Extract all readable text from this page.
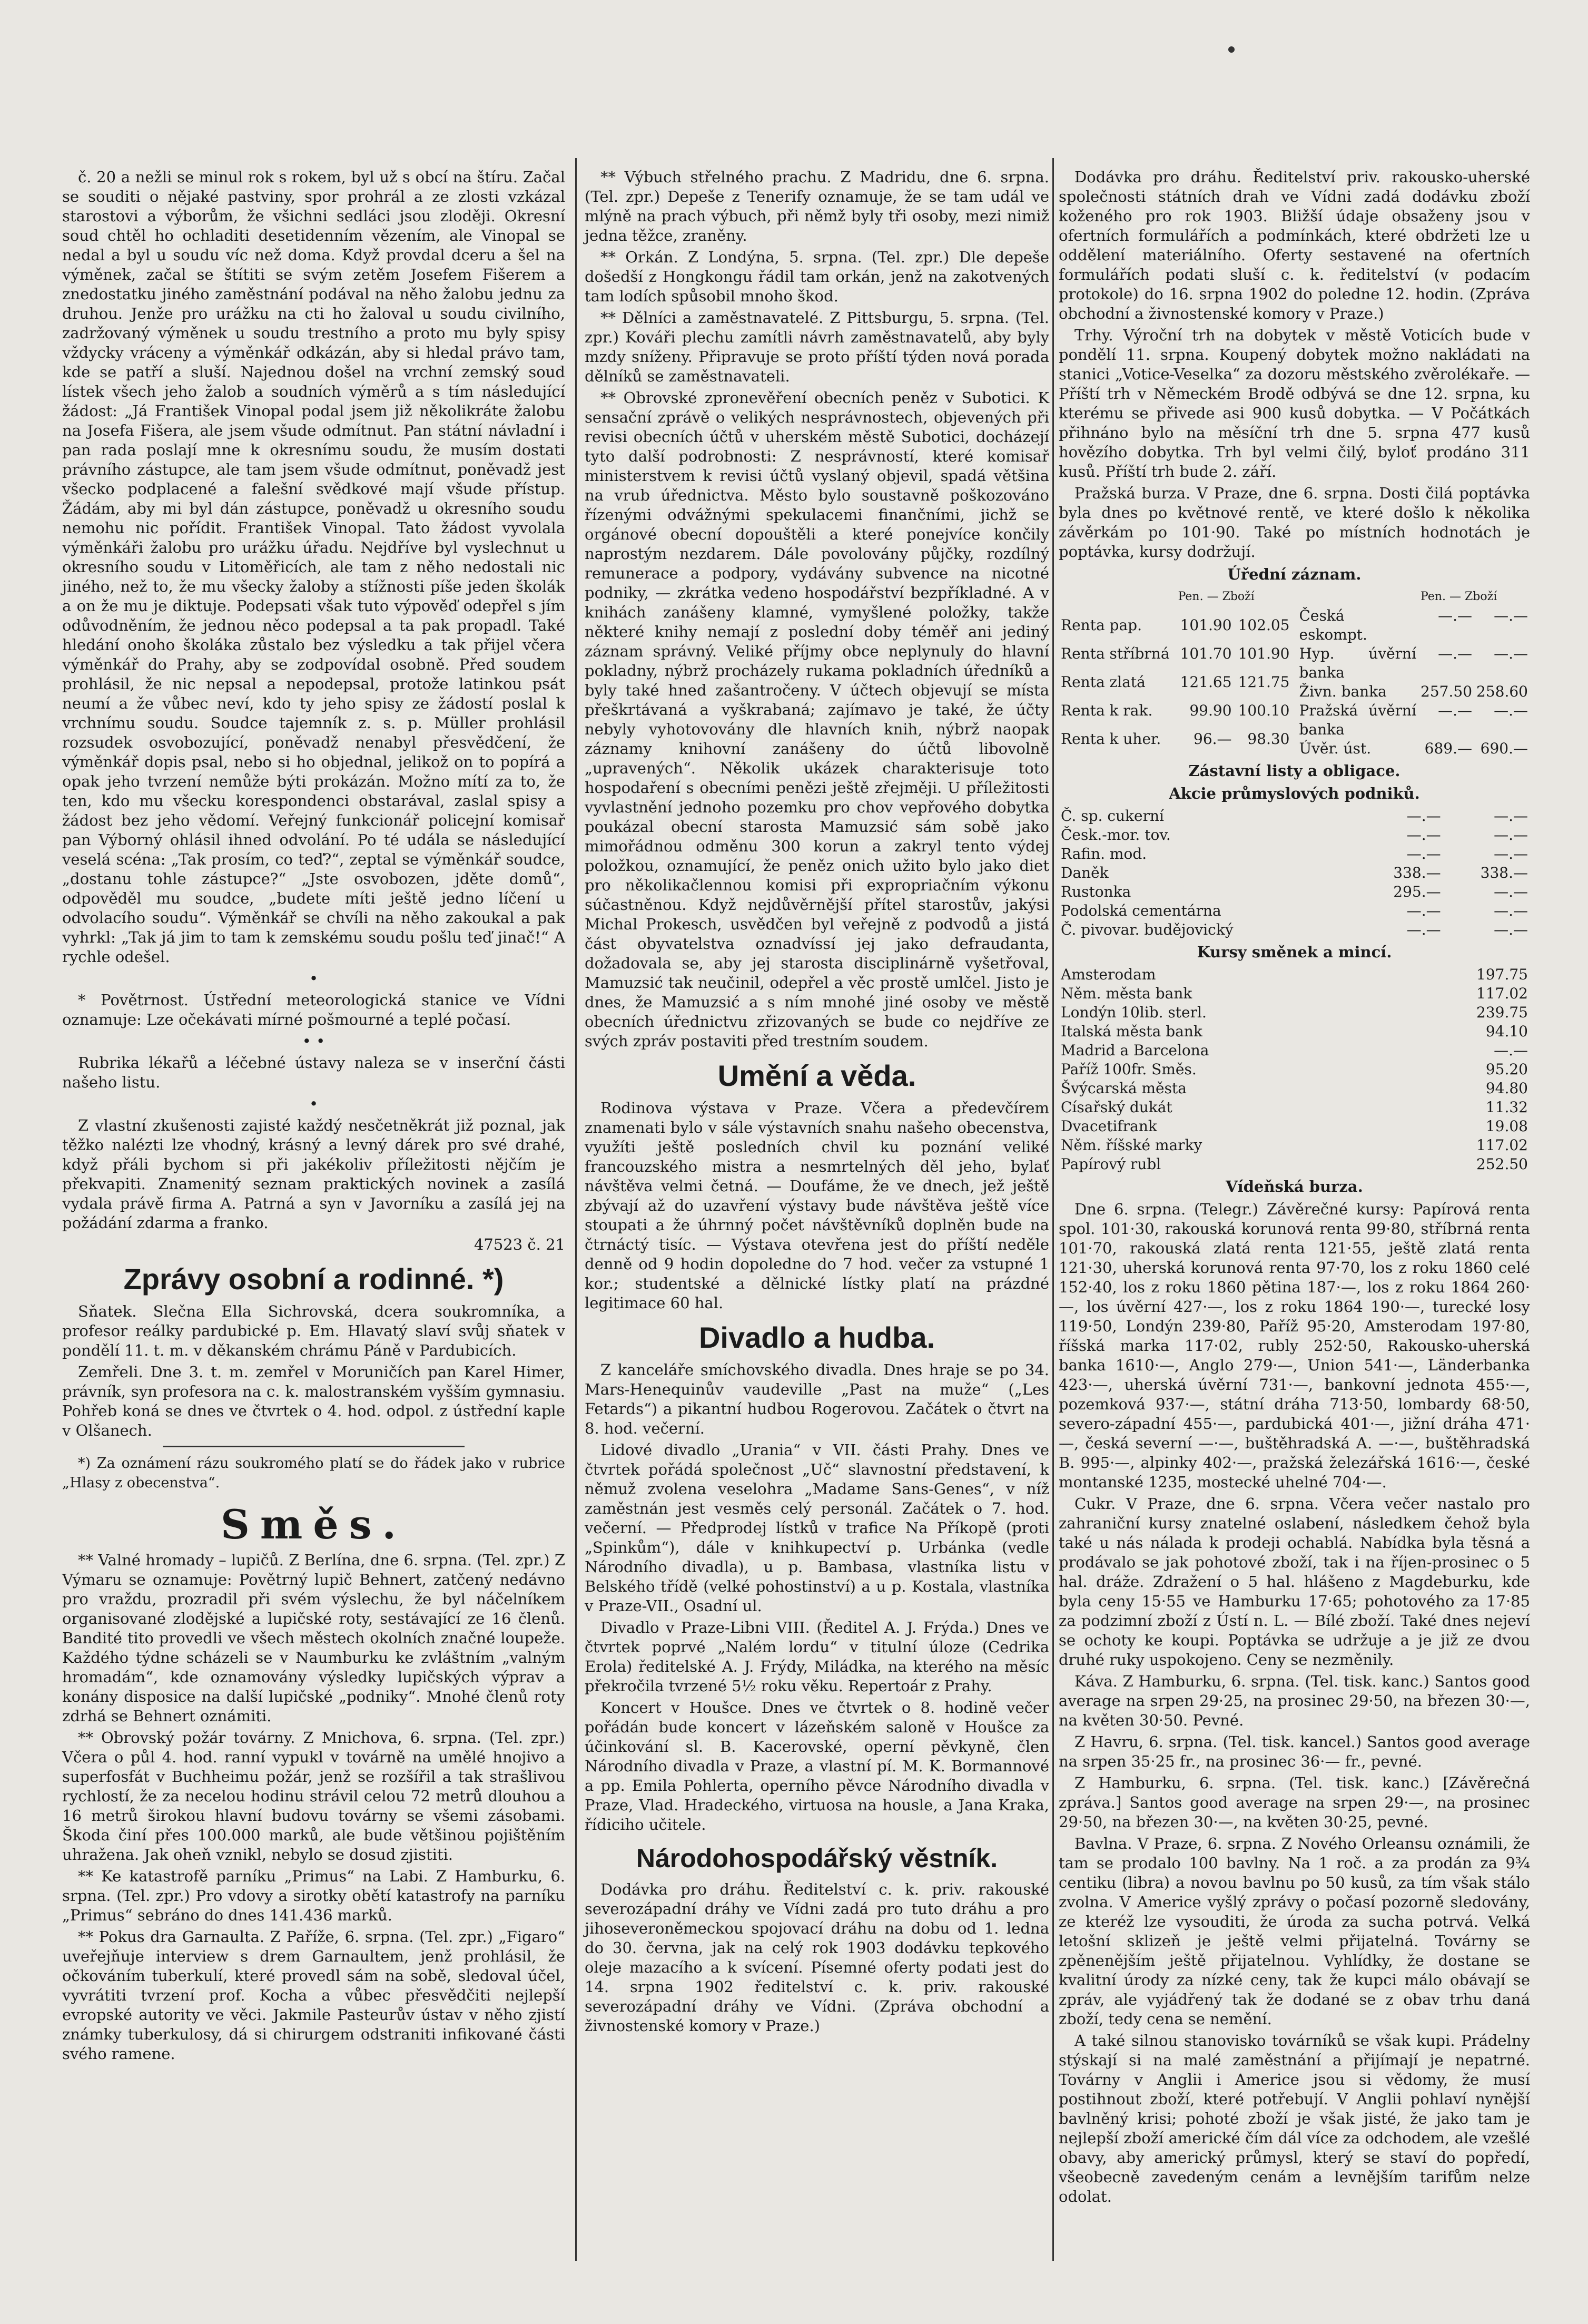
č. 20 a nežli se minul rok s rokem, byl už s obcí na štíru. Začal se souditi o nějaké pastviny, spor prohrál a ze zlosti vzkázal starostovi a výborům, že všichni sedláci jsou zloději. Okresní soud chtěl ho ochladiti desetidenním vězením, ale Vinopal se nedal a byl u soudu víc než doma. Když provdal dceru a šel na výměnek, začal se štítiti se svým zetěm Josefem Fišerem a znedostatku jiného zaměstnání podával na něho žalobu jednu za druhou. Jenže pro urážku na cti ho žaloval u soudu civilního, zadržovaný výměnek u soudu trestního a proto mu byly spisy vždycky vráceny a výměnkář odkázán, aby si hledal právo tam, kde se patří a sluší. Najednou došel na vrchní zemský soud lístek všech jeho žalob a soudních výměrů a s tím následující žádost: „Já František Vinopal podal jsem již několikráte žalobu na Josefa Fišera, ale jsem všude odmítnut. Pan státní návladní i pan rada poslají mne k okresnímu soudu, že musím dostati právního zástupce, ale tam jsem všude odmítnut, poněvadž jest všecko podplacené a falešní svědkové mají všude přístup. Žádám, aby mi byl dán zástupce, poněvadž u okresního soudu nemohu nic pořídit. František Vinopal. Tato žádost vyvolala výměnkáři žalobu pro urážku úřadu. Nejdříve byl vyslechnut u okresního soudu v Litoměřicích, ale tam z něho nedostali nic jiného, než to, že mu všecky žaloby a stížnosti píše jeden školák a on že mu je diktuje. Podepsati však tuto výpověď odepřel s jím odůvodněním, že jednou něco podepsal a ta pak propadl. Také hledání onoho školáka zůstalo bez výsledku a tak přijel včera výměnkář do Prahy, aby se zodpovídal osobně. Před soudem prohlásil, že nic nepsal a nepodepsal, protože latinkou psát neumí a že vůbec neví, kdo ty jeho spisy ze žádostí poslal k vrchnímu soudu. Soudce tajemník z. s. p. Müller prohlásil rozsudek osvobozující, poněvadž nenabyl přesvědčení, že výměnkář dopis psal, nebo si ho objednal, jelikož on to popírá a opak jeho tvrzení nemůže býti prokázán. Možno mítí za to, že ten, kdo mu všecku korespondenci obstarával, zaslal spisy a žádost bez jeho vědomí. Veřejný funkcionář policejní komisař pan Výborný ohlásil ihned odvolání. Po té udála se následující veselá scéna: „Tak prosím, co teď?“, zeptal se výměnkář soudce, „dostanu tohle zástupce?“ „Jste osvobozen, jděte domů“, odpověděl mu soudce, „budete míti ještě jedno líčení u odvolacího soudu“. Výměnkář se chvíli na něho zakoukal a pak vyhrkl: „Tak já jim to tam k zemskému soudu pošlu teď jinač!“ A rychle odešel.

•

* Povětrnost. Ústřední meteorologická stanice ve Vídni oznamuje: Lze očekávati mírné pošmourné a teplé počasí.

• •

Rubrika lékařů a léčebné ústavy naleza se v inserční části našeho listu.

•

Z vlastní zkušenosti zajisté každý nesčetněkrát již poznal, jak těžko nalézti lze vhodný, krásný a levný dárek pro své drahé, když přáli bychom si při jakékoliv příležitosti nějčím je překvapiti. Znamenitý seznam praktických novinek a zasílá vydala právě firma A. Patrná a syn v Javorníku a zasílá jej na požádání zdarma a franko.

47523 č. 21
Zprávy osobní a rodinné. *)

Sňatek. Slečna Ella Sichrovská, dcera soukromníka, a profesor reálky pardubické p. Em. Hlavatý slaví svůj sňatek v pondělí 11. t. m. v děkanském chrámu Páně v Pardubicích.

Zemřeli. Dne 3. t. m. zemřel v Moruničích pan Karel Himer, právník, syn profesora na c. k. malostranském vyšším gymnasiu. Pohřeb koná se dnes ve čtvrtek o 4. hod. odpol. z ústřední kaple v Olšanech.

*) Za oznámení rázu soukromého platí se do řádek jako v rubrice „Hlasy z obecenstva“.

Směs.

** Valné hromady – lupičů. Z Berlína, dne 6. srpna. (Tel. zpr.) Z Výmaru se oznamuje: Povětrný lupič Behnert, zatčený nedávno pro vraždu, prozradil při svém výslechu, že byl náčelníkem organisované zlodějské a lupičské roty, sestávající ze 16 členů. Bandité tito provedli ve všech městech okolních značné loupeže. Každého týdne scházeli se v Naumburku ke zvláštním „valným hromadám“, kde oznamovány výsledky lupičských výprav a konány disposice na další lupičské „podniky“. Mnohé členů roty zdrhá se Behnert oznámiti.

** Obrovský požár továrny. Z Mnichova, 6. srpna. (Tel. zpr.) Včera o půl 4. hod. ranní vypukl v továrně na umělé hnojivo a superfosfát v Buchheimu požár, jenž se rozšířil a tak strašlivou rychlostí, že za necelou hodinu strávil celou 72 metrů dlouhou a 16 metrů širokou hlavní budovu továrny se všemi zásobami. Škoda činí přes 100.000 marků, ale bude většinou pojištěním uhražena. Jak oheň vznikl, nebylo se dosud zjistiti.

** Ke katastrofě parníku „Primus“ na Labi. Z Hamburku, 6. srpna. (Tel. zpr.) Pro vdovy a sirotky obětí katastrofy na parníku „Primus“ sebráno do dnes 141.436 marků.

** Pokus dra Garnaulta. Z Paříže, 6. srpna. (Tel. zpr.) „Figaro“ uveřejňuje interview s drem Garnaultem, jenž prohlásil, že očkováním tuberkulí, které provedl sám na sobě, sledoval účel, vyvrátiti tvrzení prof. Kocha a vůbec přesvědčiti nejlepší evropské autority ve věci. Jakmile Pasteurův ústav v něho zjistí známky tuberkulosy, dá si chirurgem odstraniti infikované části svého ramene.

** Výbuch střelného prachu. Z Madridu, dne 6. srpna. (Tel. zpr.) Depeše z Tenerify oznamuje, že se tam udál ve mlýně na prach výbuch, při němž byly tři osoby, mezi nimiž jedna těžce, zraněny.

** Orkán. Z Londýna, 5. srpna. (Tel. zpr.) Dle depeše došedší z Hongkongu řádil tam orkán, jenž na zakotvených tam lodích spůsobil mnoho škod.

** Dělníci a zaměstnavatelé. Z Pittsburgu, 5. srpna. (Tel. zpr.) Kováři plechu zamítli návrh zaměstnavatelů, aby byly mzdy sníženy. Připravuje se proto příští týden nová porada dělníků se zaměstnavateli.

** Obrovské zpronevěření obecních peněz v Subotici. K sensační zprávě o velikých nesprávnostech, objevených při revisi obecních účtů v uherském městě Subotici, docházejí tyto další podrobnosti: Z nesprávností, které komisař ministerstvem k revisi účtů vyslaný objevil, spadá většina na vrub úřednictva. Město bylo soustavně poškozováno řízenými odvážnými spekulacemi finančními, jichž se orgánové obecní dopouštěli a které ponejvíce končily naprostým nezdarem. Dále povolovány půjčky, rozdílný remunerace a podpory, vydávány subvence na nicotné podniky, — zkrátka vedeno hospodářství bezpříkladné. A v knihách zanášeny klamné, vymyšlené položky, takže některé knihy nemají z poslední doby téměř ani jediný záznam správný. Veliké příjmy obce neplynuly do hlavní pokladny, nýbrž procházely rukama pokladních úředníků a byly také hned zašantročeny. V účtech objevují se místa přeškrtávaná a vyškrabaná; zajímavo je také, že účty nebyly vyhotovovány dle hlavních knih, nýbrž naopak záznamy knihovní zanášeny do účtů libovolně „upravených“. Několik ukázek charakterisuje toto hospodaření s obecními penězi ještě zřejměji. U příležitosti vyvlastnění jednoho pozemku pro chov vepřového dobytka poukázal obecní starosta Mamuzsić sám sobě jako mimořádnou odměnu 300 korun a zakryl tento výdej položkou, oznamující, že peněz onich užito bylo jako diet pro několikačlennou komisi při expropriačním výkonu súčastněnou. Když nejdůvěrnější přítel starostův, jakýsi Michal Prokesch, usvědčen byl veřejně z podvodů a jistá část obyvatelstva oznadvíssí jej jako defraudanta, dožadovala se, aby jej starosta disciplinárně vyšetřoval, Mamuzsić tak neučinil, odepřel a věc prostě umlčel. Jisto je dnes, že Mamuzsić a s ním mnohé jiné osoby ve městě obecních úřednictvu zřizovaných se bude co nejdříve ze svých zpráv postaviti před trestním soudem.

Umění a věda.

Rodinova výstava v Praze. Včera a předevčírem znamenati bylo v sále výstavních snahu našeho obecenstva, využíti ještě posledních chvil ku poznání veliké francouzského mistra a nesmrtelných děl jeho, bylať návštěva velmi četná. — Doufáme, že ve dnech, jež ještě zbývají až do uzavření výstavy bude návštěva ještě více stoupati a že úhrnný počet návštěvníků doplněn bude na čtrnáctý tisíc. — Výstava otevřena jest do příští neděle denně od 9 hodin dopoledne do 7 hod. večer za vstupné 1 kor.; studentské a dělnické lístky platí na prázdné legitimace 60 hal.

Divadlo a hudba.

Z kanceláře smíchovského divadla. Dnes hraje se po 34. Mars-Henequinův vaudeville „Past na muže“ („Les Fetards“) a pikantní hudbou Rogerovou. Začátek o čtvrt na 8. hod. večerní.

Lidové divadlo „Urania“ v VII. části Prahy. Dnes ve čtvrtek pořádá společnost „Uč“ slavnostní představení, k němuž zvolena veselohra „Madame Sans-Genes“, v níž zaměstnán jest vesměs celý personál. Začátek o 7. hod. večerní. — Předprodej lístků v trafice Na Příkopě (proti „Spinkům“), dále v knihkupectví p. Urbánka (vedle Národního divadla), u p. Bambasa, vlastníka listu v Belského třídě (velké pohostinství) a u p. Kostala, vlastníka v Praze-VII., Osadní ul.

Divadlo v Praze-Libni VIII. (Ředitel A. J. Frýda.) Dnes ve čtvrtek poprvé „Nalém lordu“ v titulní úloze (Cedrika Erola) ředitelské A. J. Frýdy, Miládka, na kterého na měsíc překročila tvrzené 5½ roku věku. Repertoár z Prahy.

Koncert v Houšce. Dnes ve čtvrtek o 8. hodině večer pořádán bude koncert v lázeňském saloně v Houšce za účinkování sl. B. Kacerovské, operní pěvkyně, člen Národního divadla v Praze, a vlastní pí. M. K. Bormannové a pp. Emila Pohlerta, operního pěvce Národního divadla v Praze, Vlad. Hradeckého, virtuosa na housle, a Jana Kraka, řídiciho učitele.

Národohospodářský věstník.

Dodávka pro dráhu. Ředitelství c. k. priv. rakouské severozápadní dráhy ve Vídni zadá pro tuto dráhu a pro jihoseveroněmeckou spojovací dráhu na dobu od 1. ledna do 30. června, jak na celý rok 1903 dodávku tepkového oleje mazacího a k svícení. Písemné oferty podati jest do 14. srpna 1902 ředitelství c. k. priv. rakouské severozápadní dráhy ve Vídni. (Zpráva obchodní a živnostenské komory v Praze.)

Dodávka pro dráhu. Ředitelství priv. rakousko-uherské společnosti státních drah ve Vídni zadá dodávku zboží koženého pro rok 1903. Bližší údaje obsaženy jsou v ofertních formulářích a podmínkách, které obdržeti lze u oddělení materiálního. Oferty sestavené na ofertních formulářích podati sluší c. k. ředitelství (v podacím protokole) do 16. srpna 1902 do poledne 12. hodin. (Zpráva obchodní a živnostenské komory v Praze.)

Trhy. Výroční trh na dobytek v městě Voticích bude v pondělí 11. srpna. Koupený dobytek možno nakládati na stanici „Votice-Veselka“ za dozoru městského zvěrolékaře. — Příští trh v Německém Brodě odbývá se dne 12. srpna, ku kterému se přivede asi 900 kusů dobytka. — V Počátkách přihnáno bylo na měsíční trh dne 5. srpna 477 kusů hovězího dobytka. Trh byl velmi čilý, byloť prodáno 311 kusů. Příští trh bude 2. září.

Pražská burza. V Praze, dne 6. srpna. Dosti čilá poptávka byla dnes po květnové rentě, ve které došlo k několika závěrkám po 101·90. Také po místních hodnotách je poptávka, kursy dodržují.

Úřední záznam.
	Pen. — Zboží	
Renta pap.	101.90	102.05
Renta stříbrná	101.70	101.90
Renta zlatá	121.65	121.75
Renta k rak.	99.90	100.10
Renta k uher.	96.—	98.30
	Pen. — Zboží	
Česká eskompt.	—.—	—.—
Hyp. úvěrní banka	—.—	—.—
Živn. banka	257.50	258.60
Pražská úvěrní banka	—.—	—.—
Úvěr. úst.	689.—	690.—
Zástavní listy a obligace.
Akcie průmyslových podniků.
Č. sp. cukerní	—.—	—.—
Česk.-mor. tov.	—.—	—.—
Rafin. mod.	—.—	—.—
Daněk	338.—	338.—
Rustonka	295.—	—.—
Podolská cementárna	—.—	—.—
Č. pivovar. budějovický	—.—	—.—
Kursy směnek a mincí.
Amsterodam	197.75
Něm. města bank	117.02
Londýn 10lib. sterl.	239.75
Italská města bank	94.10
Madrid a Barcelona	—.—
Paříž 100fr. Směs.	95.20
Švýcarská města	94.80
Císařský dukát	11.32
Dvacetifrank	19.08
Něm. říšské marky	117.02
Papírový rubl	252.50
Vídeňská burza.

Dne 6. srpna. (Telegr.) Závěrečné kursy: Papírová renta spol. 101·30, rakouská korunová renta 99·80, stříbrná renta 101·70, rakouská zlatá renta 121·55, ještě zlatá renta 121·30, uherská korunová renta 97·70, los z roku 1860 celé 152·40, los z roku 1860 pětina 187·—, los z roku 1864 260·—, los úvěrní 427·—, los z roku 1864 190·—, turecké losy 119·50, Londýn 239·80, Paříž 95·20, Amsterodam 197·80, říšská marka 117·02, rubly 252·50, Rakousko-uherská banka 1610·—, Anglo 279·—, Union 541·—, Länderbanka 423·—, uherská úvěrní 731·—, bankovní jednota 455·—, pozemková 937·—, státní dráha 713·50, lombardy 68·50, severo-západní 455·—, pardubická 401·—, jižní dráha 471·—, česká severní —·—, buštěhradská A. —·—, buštěhradská B. 995·—, alpinky 402·—, pražská železářská 1616·—, české montanské 1235, mostecké uhelné 704·—.

Cukr. V Praze, dne 6. srpna. Včera večer nastalo pro zahraniční kursy znatelné oslabení, následkem čehož byla také u nás nálada k prodeji ochablá. Nabídka byla těsná a prodávalo se jak pohotové zboží, tak i na říjen-prosinec o 5 hal. dráže. Zdražení o 5 hal. hlášeno z Magdeburku, kde byla ceny 15·55 ve Hamburku 17·65; pohotového za 17·85 za podzimní zboží z Ústí n. L. — Bílé zboží. Také dnes nejeví se ochoty ke koupi. Poptávka se udržuje a je již ze dvou druhé ruky uspokojeno. Ceny se nezměnily.

Káva. Z Hamburku, 6. srpna. (Tel. tisk. kanc.) Santos good average na srpen 29·25, na prosinec 29·50, na březen 30·—, na květen 30·50. Pevné.

Z Havru, 6. srpna. (Tel. tisk. kancel.) Santos good average na srpen 35·25 fr., na prosinec 36·— fr., pevné.

Z Hamburku, 6. srpna. (Tel. tisk. kanc.) [Závěrečná zpráva.] Santos good average na srpen 29·—, na prosinec 29·50, na březen 30·—, na květen 30·25, pevné.

Bavlna. V Praze, 6. srpna. Z Nového Orleansu oznámili, že tam se prodalo 100 bavlny. Na 1 roč. a za prodán za 9¾ centiku (libra) a novou bavlnu po 50 kusů, za tím však stálo zvolna. V Americe vyšlý zprávy o počasí pozorně sledovány, ze kteréž lze vysouditi, že úroda za sucha potrvá. Velká letošní sklizeň je ještě velmi přijatelná. Továrny se zpěnenějším ještě přijatelnou. Vyhlídky, že dostane se kvalitní úrody za nízké ceny, tak že kupci málo obávají se zpráv, ale vyjádřený tak že dodané se z obav trhu daná zboží, tedy cena se nemění.

A také silnou stanovisko továrníků se však kupi. Prádelny stýskají si na malé zaměstnání a přijímají je nepatrné. Továrny v Anglii i Americe jsou si vědomy, že musí postihnout zboží, které potřebují. V Anglii pohlaví nynější bavlněný krisi; pohoté zboží je však jisté, že jako tam je nejlepší zboží americké čím dál více za odchodem, ale vzešlé obavy, aby americký průmysl, který se staví do popředí, všeobecně zavedeným cenám a levnějším tarifům nelze odolat.
